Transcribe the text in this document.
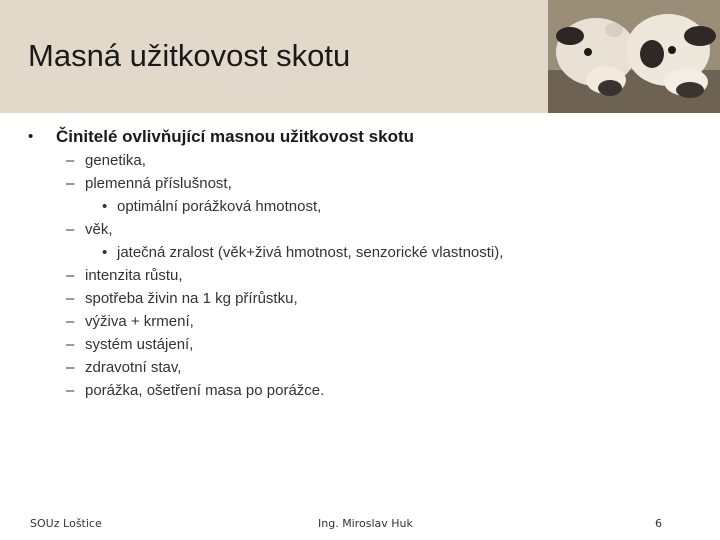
Masná užitkovost skotu
• Činitelé ovlivňující masnou užitkovost skotu
– genetika,
– plemenná příslušnost,
• optimální porážková hmotnost,
– věk,
• jatečná zralost (věk+živá hmotnost, senzorické vlastnosti),
– intenzita růstu,
– spotřeba živin na 1 kg přírůstku,
– výživa + krmení,
– systém ustájení,
– zdravotní stav,
– porážka, ošetření masa po porážce.
SOUz Lоštice	Ing. Miroslav Huk	6
